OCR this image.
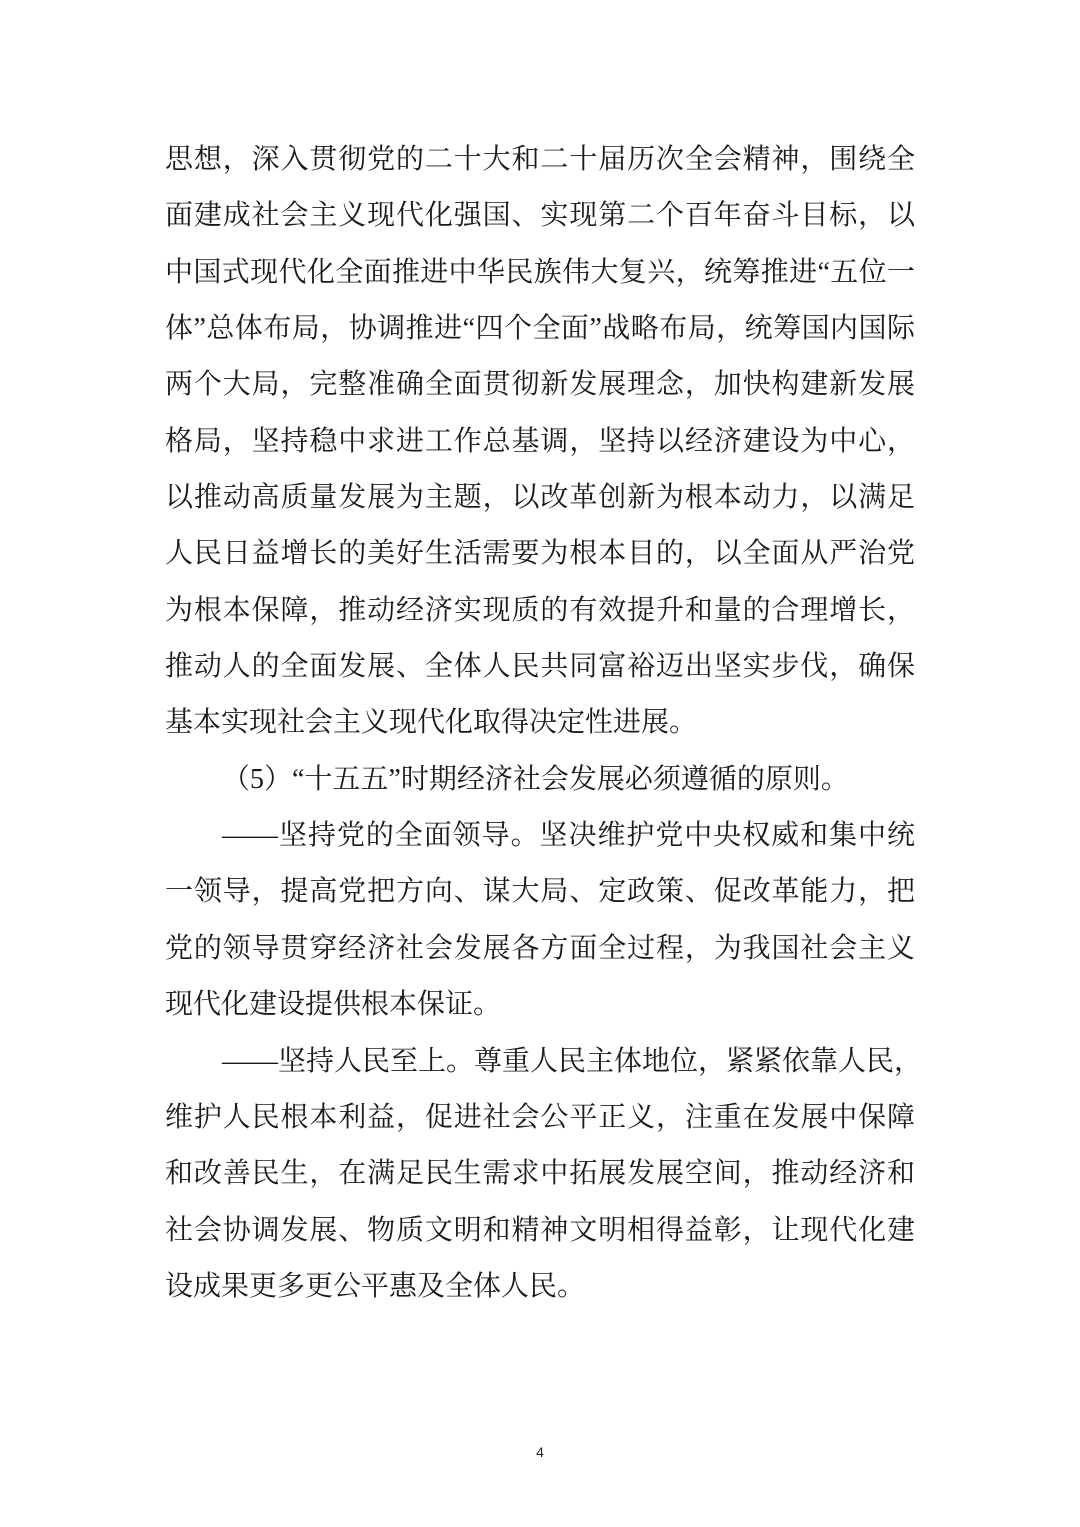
思想，深入贯彻党的二十大和二十届历次全会精神，围绕全
面建成社会主义现代化强国、实现第二个百年奋斗目标，以
中国式现代化全面推进中华民族伟大复兴，统筹推进“五位一
体”总体布局，协调推进“四个全面”战略布局，统筹国内国际
两个大局，完整准确全面贯彻新发展理念，加快构建新发展
格局，坚持稳中求进工作总基调，坚持以经济建设为中心，
以推动高质量发展为主题，以改革创新为根本动力，以满足
人民日益增长的美好生活需要为根本目的，以全面从严治党
为根本保障，推动经济实现质的有效提升和量的合理增长，
推动人的全面发展、全体人民共同富裕迈出坚实步伐，确保
基本实现社会主义现代化取得决定性进展。
（5）“十五五”时期经济社会发展必须遵循的原则。
——坚持党的全面领导。坚决维护党中央权威和集中统
一领导，提高党把方向、谋大局、定政策、促改革能力，把
党的领导贯穿经济社会发展各方面全过程，为我国社会主义
现代化建设提供根本保证。
——坚持人民至上。尊重人民主体地位，紧紧依靠人民，
维护人民根本利益，促进社会公平正义，注重在发展中保障
和改善民生，在满足民生需求中拓展发展空间，推动经济和
社会协调发展、物质文明和精神文明相得益彰，让现代化建
设成果更多更公平惠及全体人民。
4
